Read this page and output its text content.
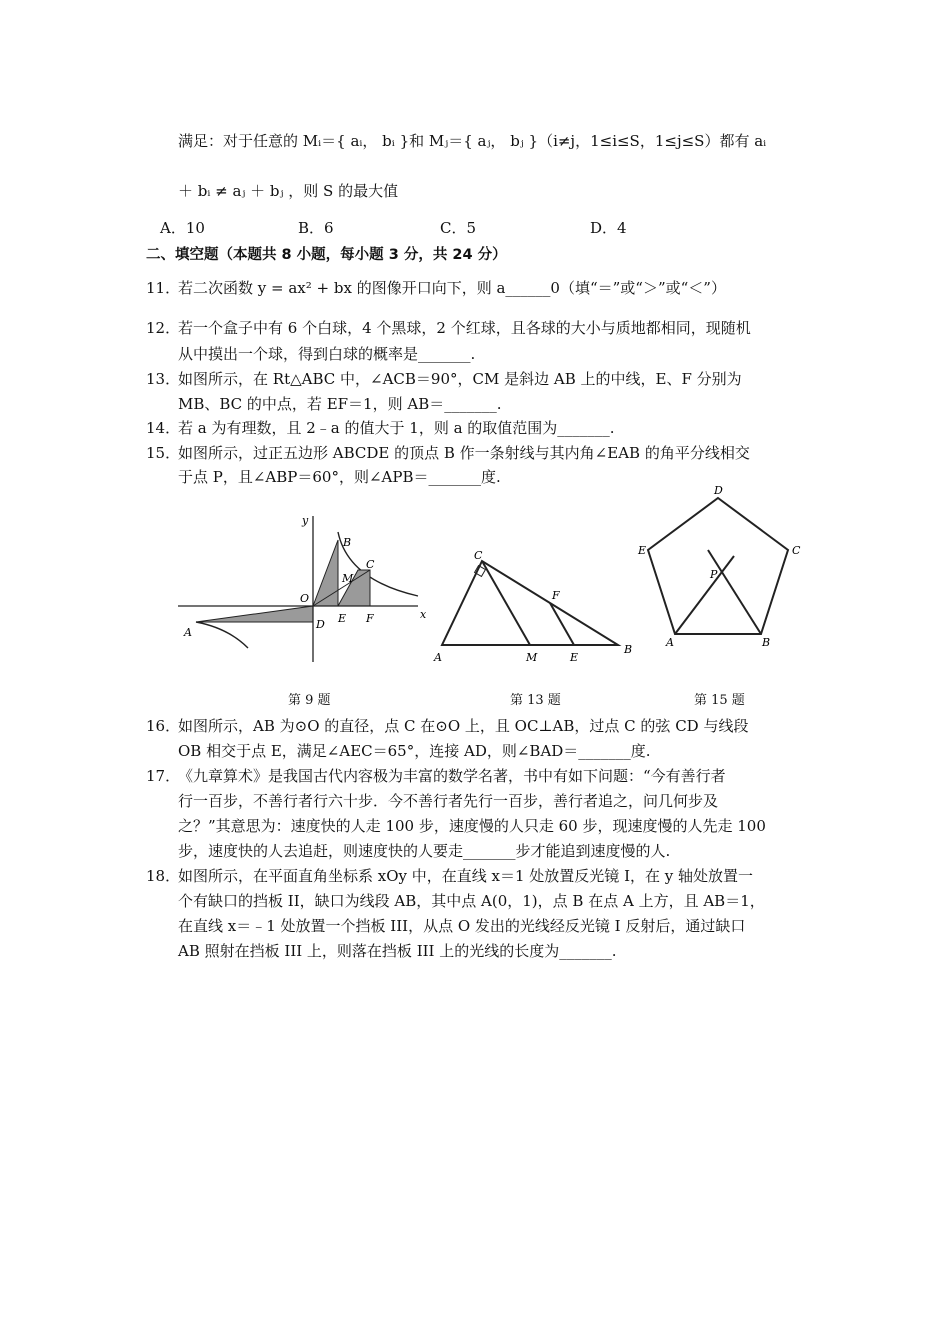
满足：对于任意的 Mᵢ＝{ aᵢ， bᵢ }和 Mⱼ＝{ aⱼ， bⱼ }（i≠j，1≤i≤S，1≤j≤S）都有 aᵢ
＋ bᵢ ≠ aⱼ ＋ bⱼ ，则 S 的最大值
A．10	B．6	C．5	D．4
二、填空题（本题共 8 小题，每小题 3 分，共 24 分）
11．
若二次函数 y = ax² + bx 的图像开口向下，则 a______0（填“＝”或“＞”或“＜”）
12．
若一个盒子中有 6 个白球，4 个黑球，2 个红球，且各球的大小与质地都相同，现随机
从中摸出一个球，得到白球的概率是_______.
13．
如图所示，在 Rt△ABC 中，∠ACB＝90°，CM 是斜边 AB 上的中线，E、F 分别为
MB、BC 的中点，若 EF＝1，则 AB＝_______.
14．
若 a 为有理数，且 2﹣a 的值大于 1，则 a 的取值范围为_______.
15．
如图所示，过正五边形 ABCDE 的顶点 B 作一条射线与其内角∠EAB 的角平分线相交
于点 P，且∠ABP＝60°，则∠APB＝_______度.
y
x
O
A
B
C
M
D E F
A
B
C
M	E
F
A	B
C
D
E
P
第 9 题	第 13 题	第 15 题
16．
如图所示，AB 为⊙O 的直径，点 C 在⊙O 上，且 OC⊥AB，过点 C 的弦 CD 与线段
OB 相交于点 E，满足∠AEC＝65°，连接 AD，则∠BAD＝_______度.
17．
《九章算术》是我国古代内容极为丰富的数学名著，书中有如下问题：“今有善行者
行一百步，不善行者行六十步．今不善行者先行一百步，善行者追之，问几何步及
之？”其意思为：速度快的人走 100 步，速度慢的人只走 60 步，现速度慢的人先走 100
步，速度快的人去追赶，则速度快的人要走_______步才能追到速度慢的人.
18．
如图所示，在平面直角坐标系 xOy 中，在直线 x＝1 处放置反光镜 I，在 y 轴处放置一
个有缺口的挡板 II，缺口为线段 AB，其中点 A(0，1)，点 B 在点 A 上方，且 AB＝1，
在直线 x＝﹣1 处放置一个挡板 III，从点 O 发出的光线经反光镜 I 反射后，通过缺口
AB 照射在挡板 III 上，则落在挡板 III 上的光线的长度为_______.
